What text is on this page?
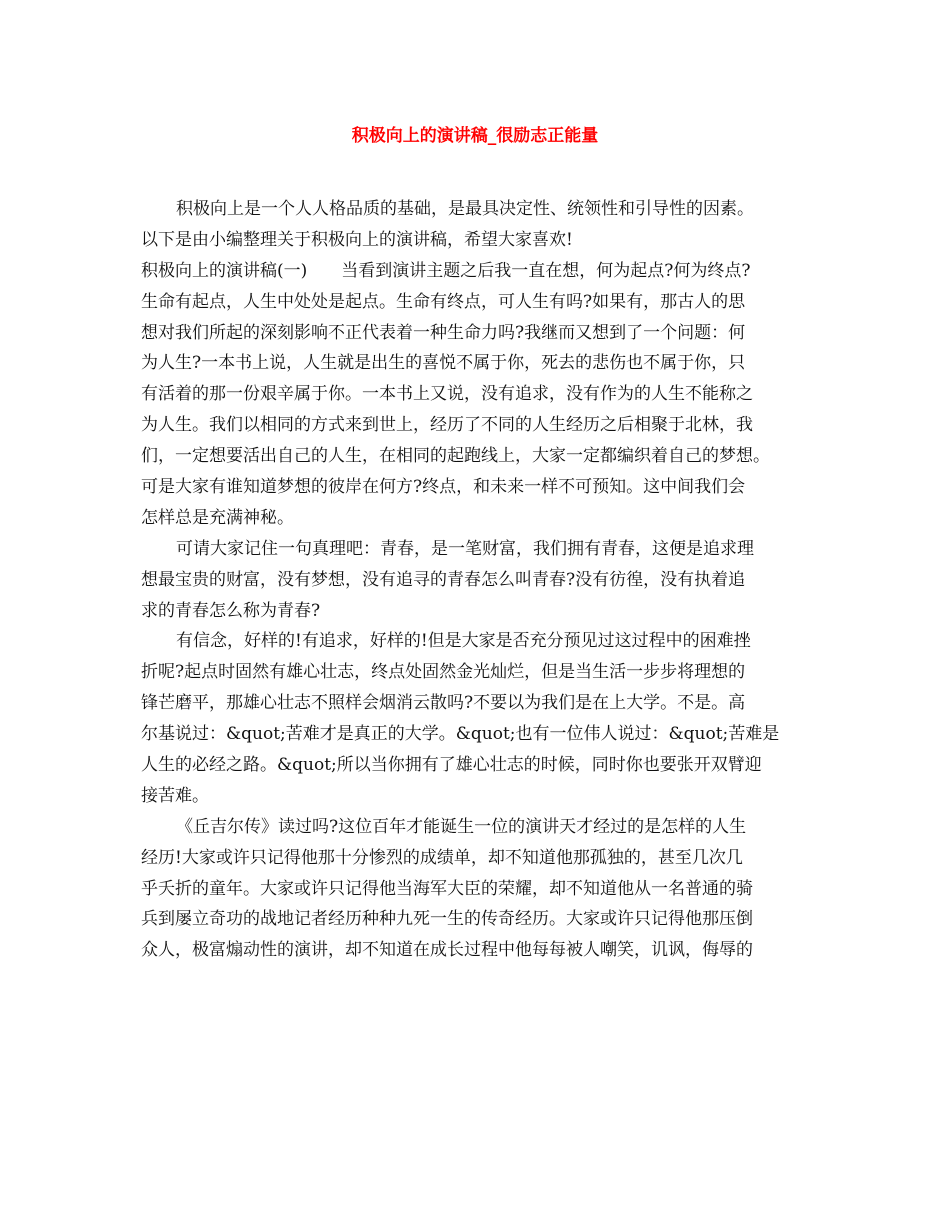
积极向上的演讲稿_很励志正能量
积极向上是一个人人格品质的基础，是最具决定性、统领性和引导性的因素。
以下是由小编整理关于积极向上的演讲稿，希望大家喜欢!
积极向上的演讲稿(一)　　当看到演讲主题之后我一直在想，何为起点?何为终点?
生命有起点，人生中处处是起点。生命有终点，可人生有吗?如果有，那古人的思
想对我们所起的深刻影响不正代表着一种生命力吗?我继而又想到了一个问题：何
为人生?一本书上说，人生就是出生的喜悦不属于你，死去的悲伤也不属于你，只
有活着的那一份艰辛属于你。一本书上又说，没有追求，没有作为的人生不能称之
为人生。我们以相同的方式来到世上，经历了不同的人生经历之后相聚于北林，我
们，一定想要活出自己的人生，在相同的起跑线上，大家一定都编织着自己的梦想。
可是大家有谁知道梦想的彼岸在何方?终点，和未来一样不可预知。这中间我们会
怎样总是充满神秘。
可请大家记住一句真理吧：青春，是一笔财富，我们拥有青春，这便是追求理
想最宝贵的财富，没有梦想，没有追寻的青春怎么叫青春?没有彷徨，没有执着追
求的青春怎么称为青春?
有信念，好样的!有追求，好样的!但是大家是否充分预见过这过程中的困难挫
折呢?起点时固然有雄心壮志，终点处固然金光灿烂，但是当生活一步步将理想的
锋芒磨平，那雄心壮志不照样会烟消云散吗?不要以为我们是在上大学。不是。高
尔基说过：&quot;苦难才是真正的大学。&quot;也有一位伟人说过：&quot;苦难是
人生的必经之路。&quot;所以当你拥有了雄心壮志的时候，同时你也要张开双臂迎
接苦难。
《丘吉尔传》读过吗?这位百年才能诞生一位的演讲天才经过的是怎样的人生
经历!大家或许只记得他那十分惨烈的成绩单，却不知道他那孤独的，甚至几次几
乎夭折的童年。大家或许只记得他当海军大臣的荣耀，却不知道他从一名普通的骑
兵到屡立奇功的战地记者经历种种九死一生的传奇经历。大家或许只记得他那压倒
众人，极富煽动性的演讲，却不知道在成长过程中他每每被人嘲笑，讥讽，侮辱的
